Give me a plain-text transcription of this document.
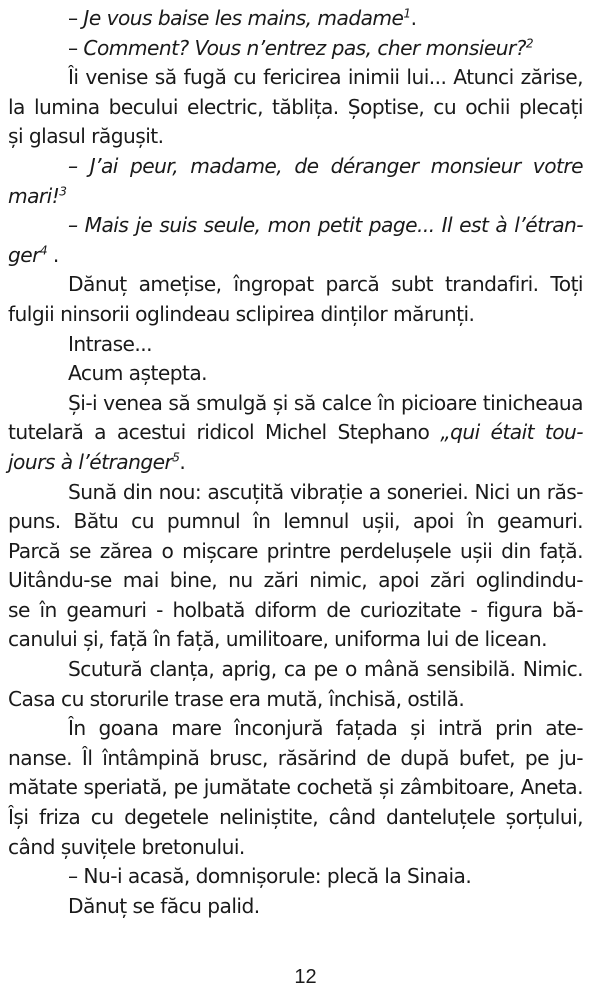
– Je vous baise les mains, madame$^1$.
– Comment? Vous n’entrez pas, cher monsieur?$^2$
Îi venise să fugă cu fericirea inimii lui... Atunci zărise,
la lumina becului electric, tăblița. Șoptise, cu ochii plecați
și glasul răgușit.
– J’ai peur, madame, de déranger monsieur votre
mari!$^3$
– Mais je suis seule, mon petit page... Il est à l’étran-
ger$^4$ .
Dănuț amețise, îngropat parcă subt trandafiri. Toți
fulgii ninsorii oglindeau sclipirea dinților mărunți.
Intrase...
Acum aștepta.
Și-i venea să smulgă și să calce în picioare tinicheaua
tutelară a acestui ridicol Michel Stephano „qui était tou-
jours à l’étranger$^5$.
Sună din nou: ascuțită vibrație a soneriei. Nici un răs-
puns. Bătu cu pumnul în lemnul ușii, apoi în geamuri.
Parcă se zărea o mișcare printre perdelușele ușii din față.
Uitându-se mai bine, nu zări nimic, apoi zări oglindindu-
se în geamuri - holbată diform de curiozitate - figura bă-
canului și, față în față, umilitoare, uniforma lui de licean.
Scutură clanța, aprig, ca pe o mână sensibilă. Nimic.
Casa cu storurile trase era mută, închisă, ostilă.
În goana mare înconjură fațada și intră prin ate-
nanse. Îl întâmpină brusc, răsărind de după bufet, pe ju-
mătate speriată, pe jumătate cochetă și zâmbitoare, Aneta.
Își friza cu degetele neliniștite, când danteluțele șorțului,
când șuvițele bretonului.
– Nu-i acasă, domnișorule: plecă la Sinaia.
Dănuț se făcu palid.
12
